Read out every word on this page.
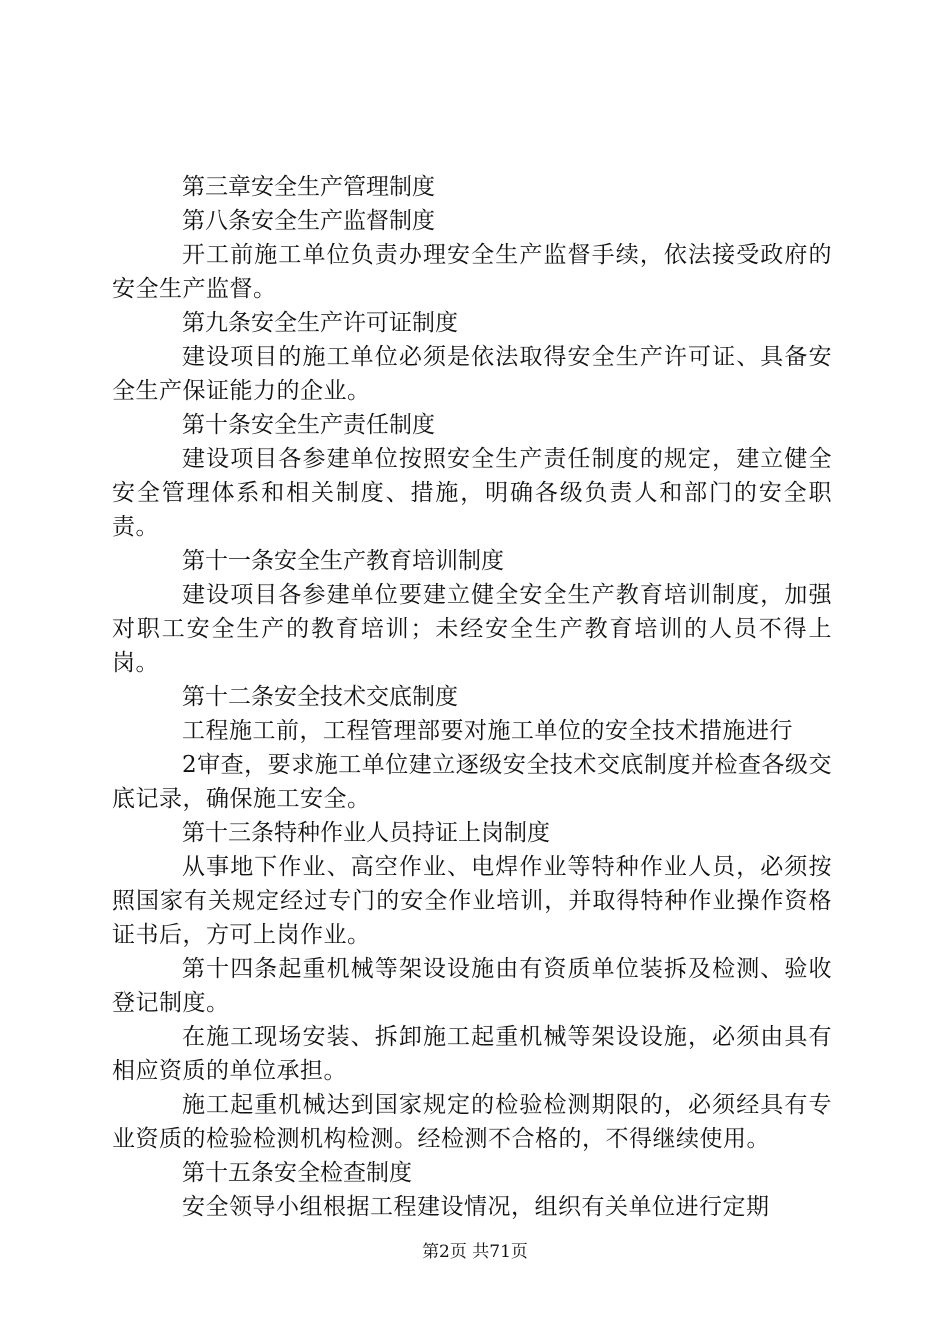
第三章安全生产管理制度

第八条安全生产监督制度

开工前施工单位负责办理安全生产监督手续，依法接受政府的安全生产监督。

第九条安全生产许可证制度

建设项目的施工单位必须是依法取得安全生产许可证、具备安全生产保证能力的企业。

第十条安全生产责任制度

建设项目各参建单位按照安全生产责任制度的规定，建立健全安全管理体系和相关制度、措施，明确各级负责人和部门的安全职责。

第十一条安全生产教育培训制度

建设项目各参建单位要建立健全安全生产教育培训制度，加强对职工安全生产的教育培训；未经安全生产教育培训的人员不得上岗。

第十二条安全技术交底制度

工程施工前，工程管理部要对施工单位的安全技术措施进行

2审查，要求施工单位建立逐级安全技术交底制度并检查各级交底记录，确保施工安全。

第十三条特种作业人员持证上岗制度

从事地下作业、高空作业、电焊作业等特种作业人员，必须按照国家有关规定经过专门的安全作业培训，并取得特种作业操作资格证书后，方可上岗作业。

第十四条起重机械等架设设施由有资质单位装拆及检测、验收登记制度。

在施工现场安装、拆卸施工起重机械等架设设施，必须由具有相应资质的单位承担。

施工起重机械达到国家规定的检验检测期限的，必须经具有专业资质的检验检测机构检测。经检测不合格的，不得继续使用。

第十五条安全检查制度

安全领导小组根据工程建设情况，组织有关单位进行定期

第2页 共71页
